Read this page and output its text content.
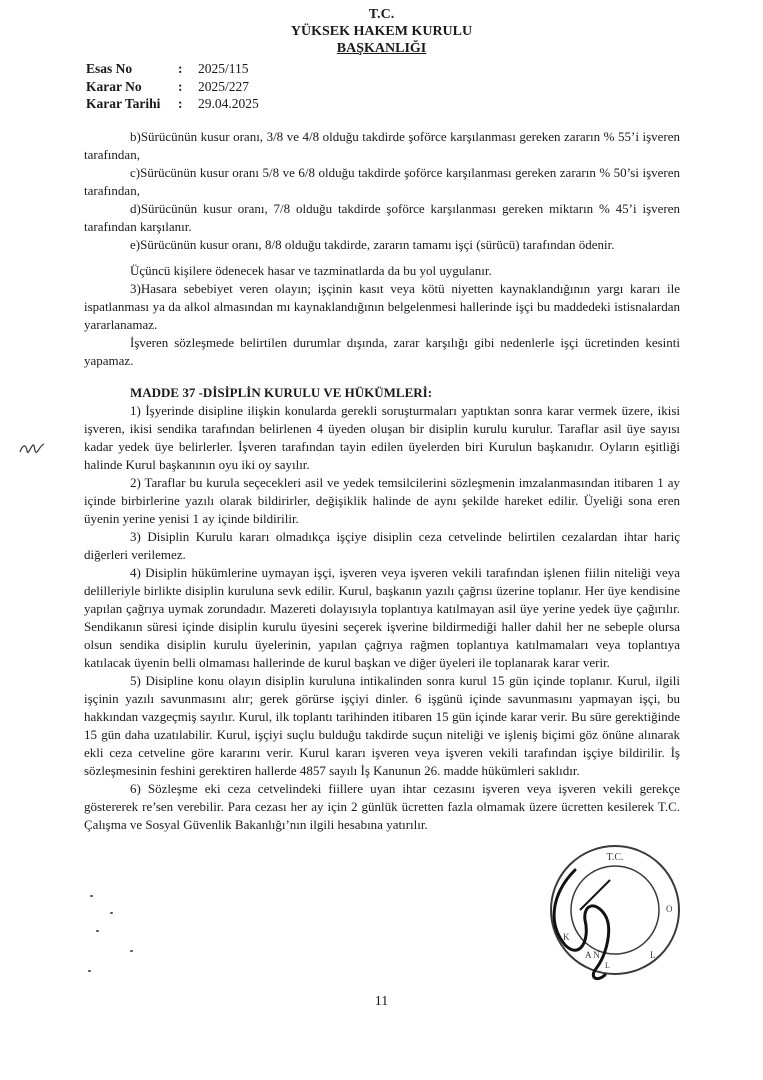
T.C.
YÜKSEK HAKEM KURULU
BAŞKANLIĞI
Esas No	:	2025/115
Karar No	:	2025/227
Karar Tarihi	:	29.04.2025

b)Sürücünün kusur oranı, 3/8 ve 4/8 olduğu takdirde şoförce karşılanması gereken zararın % 55’i işveren tarafından,

c)Sürücünün kusur oranı 5/8 ve 6/8 olduğu takdirde şoförce karşılanması gereken zararın % 50’si işveren tarafından,

d)Sürücünün kusur oranı, 7/8 olduğu takdirde şoförce karşılanması gereken miktarın % 45’i işveren tarafından karşılanır.

e)Sürücünün kusur oranı, 8/8 olduğu takdirde, zararın tamamı işçi (sürücü) tarafından ödenir.

Üçüncü kişilere ödenecek hasar ve tazminatlarda da bu yol uygulanır.

3)Hasara sebebiyet veren olayın; işçinin kasıt veya kötü niyetten kaynaklandığının yargı kararı ile ispatlanması ya da alkol almasından mı kaynaklandığının belgelenmesi hallerinde işçi bu maddedeki istisnalardan yararlanamaz.

İşveren sözleşmede belirtilen durumlar dışında, zarar karşılığı gibi nedenlerle işçi ücretinden kesinti yapamaz.

MADDE 37 -DİSİPLİN KURULU VE HÜKÜMLERİ:

1) İşyerinde disipline ilişkin konularda gerekli soruşturmaları yaptıktan sonra karar vermek üzere, ikisi işveren, ikisi sendika tarafından belirlenen 4 üyeden oluşan bir disiplin kurulu kurulur. Taraflar asil üye sayısı kadar yedek üye belirlerler. İşveren tarafından tayin edilen üyelerden biri Kurulun başkanıdır. Oyların eşitliği halinde Kurul başkanının oyu iki oy sayılır.

2) Taraflar bu kurula seçecekleri asil ve yedek temsilcilerini sözleşmenin imzalanmasından itibaren 1 ay içinde birbirlerine yazılı olarak bildirirler, değişiklik halinde de aynı şekilde hareket edilir. Üyeliği sona eren üyenin yerine yenisi 1 ay içinde bildirilir.

3) Disiplin Kurulu kararı olmadıkça işçiye disiplin ceza cetvelinde belirtilen cezalardan ihtar hariç diğerleri verilemez.

4) Disiplin hükümlerine uymayan işçi, işveren veya işveren vekili tarafından işlenen fiilin niteliği veya delilleriyle birlikte disiplin kuruluna sevk edilir. Kurul, başkanın yazılı çağrısı üzerine toplanır. Her üye kendisine yapılan çağrıya uymak zorundadır. Mazereti dolayısıyla toplantıya katılmayan asil üye yerine yedek üye çağırılır. Sendikanın süresi içinde disiplin kurulu üyesini seçerek işverine bildirmediği haller dahil her ne sebeple olursa olsun sendika disiplin kurulu üyelerinin, yapılan çağrıya rağmen toplantıya katılmamaları veya toplantıya katılacak üyenin belli olmaması hallerinde de kurul başkan ve diğer üyeleri ile toplanarak karar verir.

5) Disipline konu olayın disiplin kuruluna intikalinden sonra kurul 15 gün içinde toplanır. Kurul, ilgili işçinin yazılı savunmasını alır; gerek görürse işçiyi dinler. 6 işgünü içinde savunmasını yapmayan işçi, bu hakkından vazgeçmiş sayılır. Kurul, ilk toplantı tarihinden itibaren 15 gün içinde karar verir. Bu süre gerektiğinde 15 gün daha uzatılabilir. Kurul, işçiyi suçlu bulduğu takdirde suçun niteliği ve işleniş biçimi göz önüne alınarak ekli ceza cetveline göre kararını verir. Kurul kararı işveren veya işveren vekili tarafından işçiye bildirilir. İş sözleşmesinin feshini gerektiren hallerde 4857 sayılı İş Kanunun 26. madde hükümleri saklıdır.

6) Sözleşme eki ceza cetvelindeki fiillere uyan ihtar cezasını işveren veya işveren vekili gerekçe göstererek re’sen verebilir. Para cezası her ay için 2 günlük ücretten fazla olmamak üzere ücretten kesilerek T.C. Çalışma ve Sosyal Güvenlik Bakanlığı’nın ilgili hesabına yatırılır.

T.C.
O
L
A N
K
L
11
